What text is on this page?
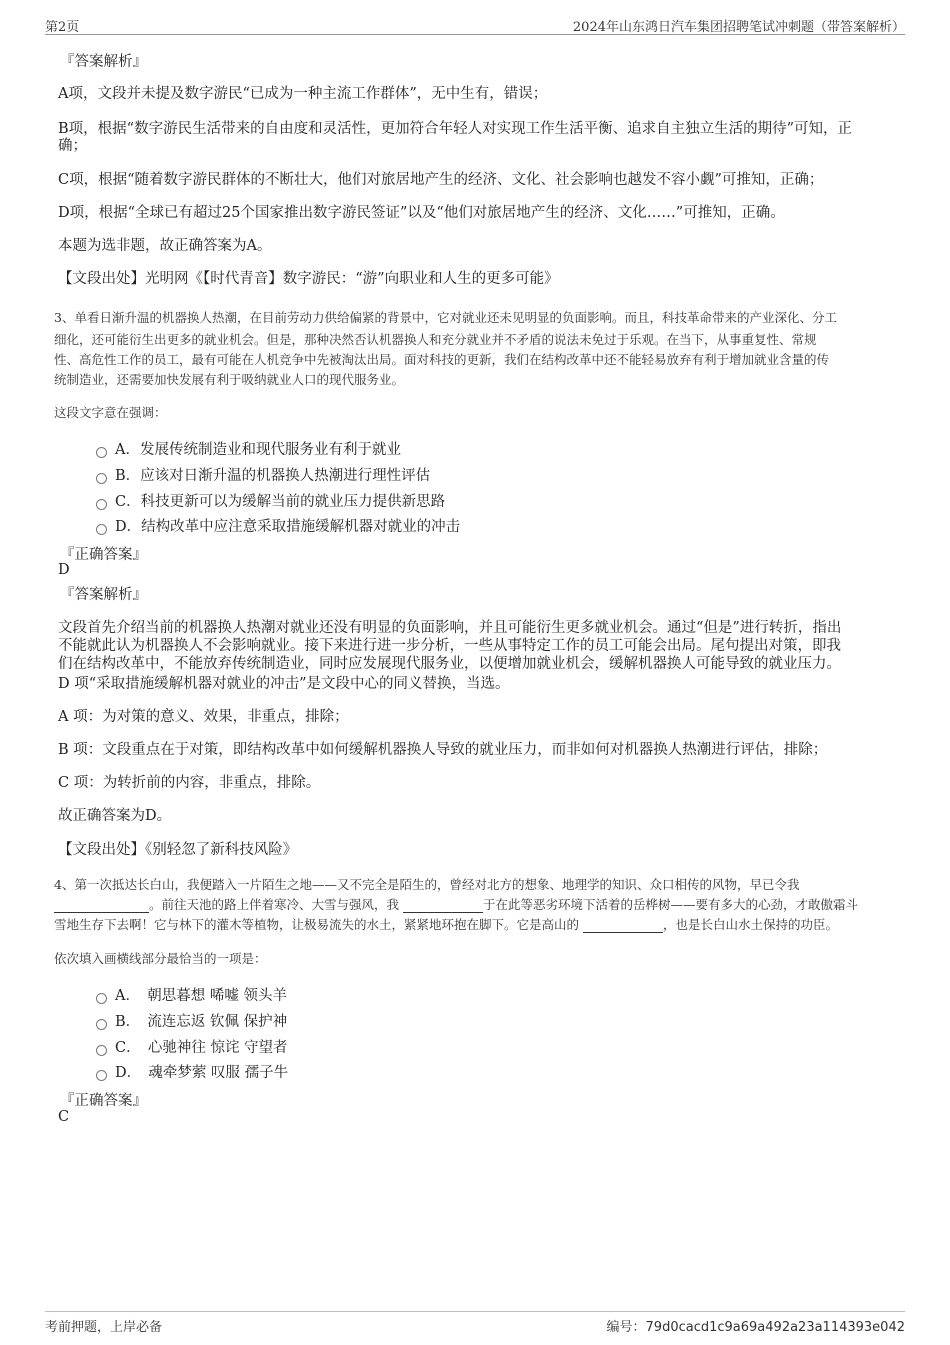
第2页	2024年山东鸿日汽车集团招聘笔试冲刺题（带答案解析）
『答案解析』
A项，文段并未提及数字游民“已成为一种主流工作群体”，无中生有，错误；
B项，根据“数字游民生活带来的自由度和灵活性，更加符合年轻人对实现工作生活平衡、追求自主独立生活的期待”可知，正
确；
C项，根据“随着数字游民群体的不断壮大，他们对旅居地产生的经济、文化、社会影响也越发不容小觑”可推知，正确；
D项，根据“全球已有超过25个国家推出数字游民签证”以及“他们对旅居地产生的经济、文化……”可推知，正确。
本题为选非题，故正确答案为A。
【文段出处】光明网《【时代青音】数字游民：“游”向职业和人生的更多可能》
3、单看日渐升温的机器换人热潮，在目前劳动力供给偏紧的背景中，它对就业还未见明显的负面影响。而且，科技革命带来的产业深化、分工
细化，还可能衍生出更多的就业机会。但是，那种决然否认机器换人和充分就业并不矛盾的说法未免过于乐观。在当下，从事重复性、常规
性、高危性工作的员工，最有可能在人机竞争中先被淘汰出局。面对科技的更新，我们在结构改革中还不能轻易放弃有利于增加就业含量的传
统制造业，还需要加快发展有利于吸纳就业人口的现代服务业。
这段文字意在强调：
A．发展传统制造业和现代服务业有利于就业
B．应该对日渐升温的机器换人热潮进行理性评估
C．科技更新可以为缓解当前的就业压力提供新思路
D．结构改革中应注意采取措施缓解机器对就业的冲击
『正确答案』
D
『答案解析』
文段首先介绍当前的机器换人热潮对就业还没有明显的负面影响，并且可能衍生更多就业机会。通过“但是”进行转折，指出
不能就此认为机器换人不会影响就业。接下来进行进一步分析，一些从事特定工作的员工可能会出局。尾句提出对策，即我
们在结构改革中，不能放弃传统制造业，同时应发展现代服务业，以便增加就业机会，缓解机器换人可能导致的就业压力。
D 项“采取措施缓解机器对就业的冲击”是文段中心的同义替换，当选。
A 项：为对策的意义、效果，非重点，排除；
B 项：文段重点在于对策，即结构改革中如何缓解机器换人导致的就业压力，而非如何对机器换人热潮进行评估，排除；
C 项：为转折前的内容，非重点，排除。
故正确答案为D。
【文段出处】《别轻忽了新科技风险》
4、第一次抵达长白山，我便踏入一片陌生之地——又不完全是陌生的，曾经对北方的想象、地理学的知识、众口相传的风物，早已令我
。前往天池的路上伴着寒冷、大雪与强风，我	于在此等恶劣环境下活着的岳桦树——要有多大的心劲，才敢傲霜斗
雪地生存下去啊！它与林下的灌木等植物，让极易流失的水土，紧紧地环抱在脚下。它是高山的	，也是长白山水土保持的功臣。
依次填入画横线部分最恰当的一项是：
A．　朝思暮想 唏嘘 领头羊
B．　流连忘返 钦佩 保护神
C．　心驰神往 惊诧 守望者
D．　魂牵梦萦 叹服 孺子牛
『正确答案』
C
考前押题，上岸必备	编号：79d0cacd1c9a69a492a23a114393e042
